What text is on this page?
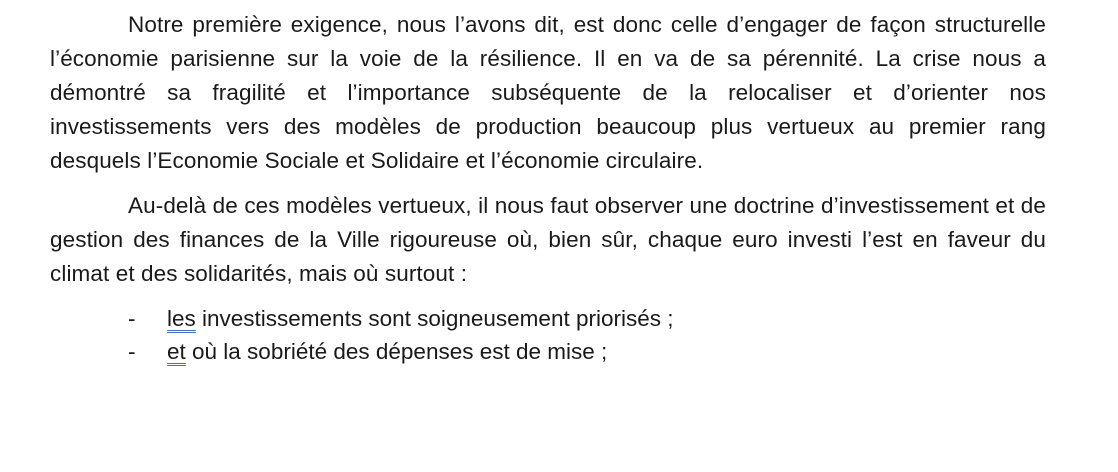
Notre première exigence, nous l’avons dit, est donc celle d’engager de façon structurelle l’économie parisienne sur la voie de la résilience. Il en va de sa pérennité. La crise nous a démontré sa fragilité et l’importance subséquente de la relocaliser et d’orienter nos investissements vers des modèles de production beaucoup plus vertueux au premier rang desquels l’Economie Sociale et Solidaire et l’économie circulaire.

Au-delà de ces modèles vertueux, il nous faut observer une doctrine d’investissement et de gestion des finances de la Ville rigoureuse où, bien sûr, chaque euro investi l’est en faveur du climat et des solidarités, mais où surtout :

- les investissements sont soigneusement priorisés ;
- et où la sobriété des dépenses est de mise ;
